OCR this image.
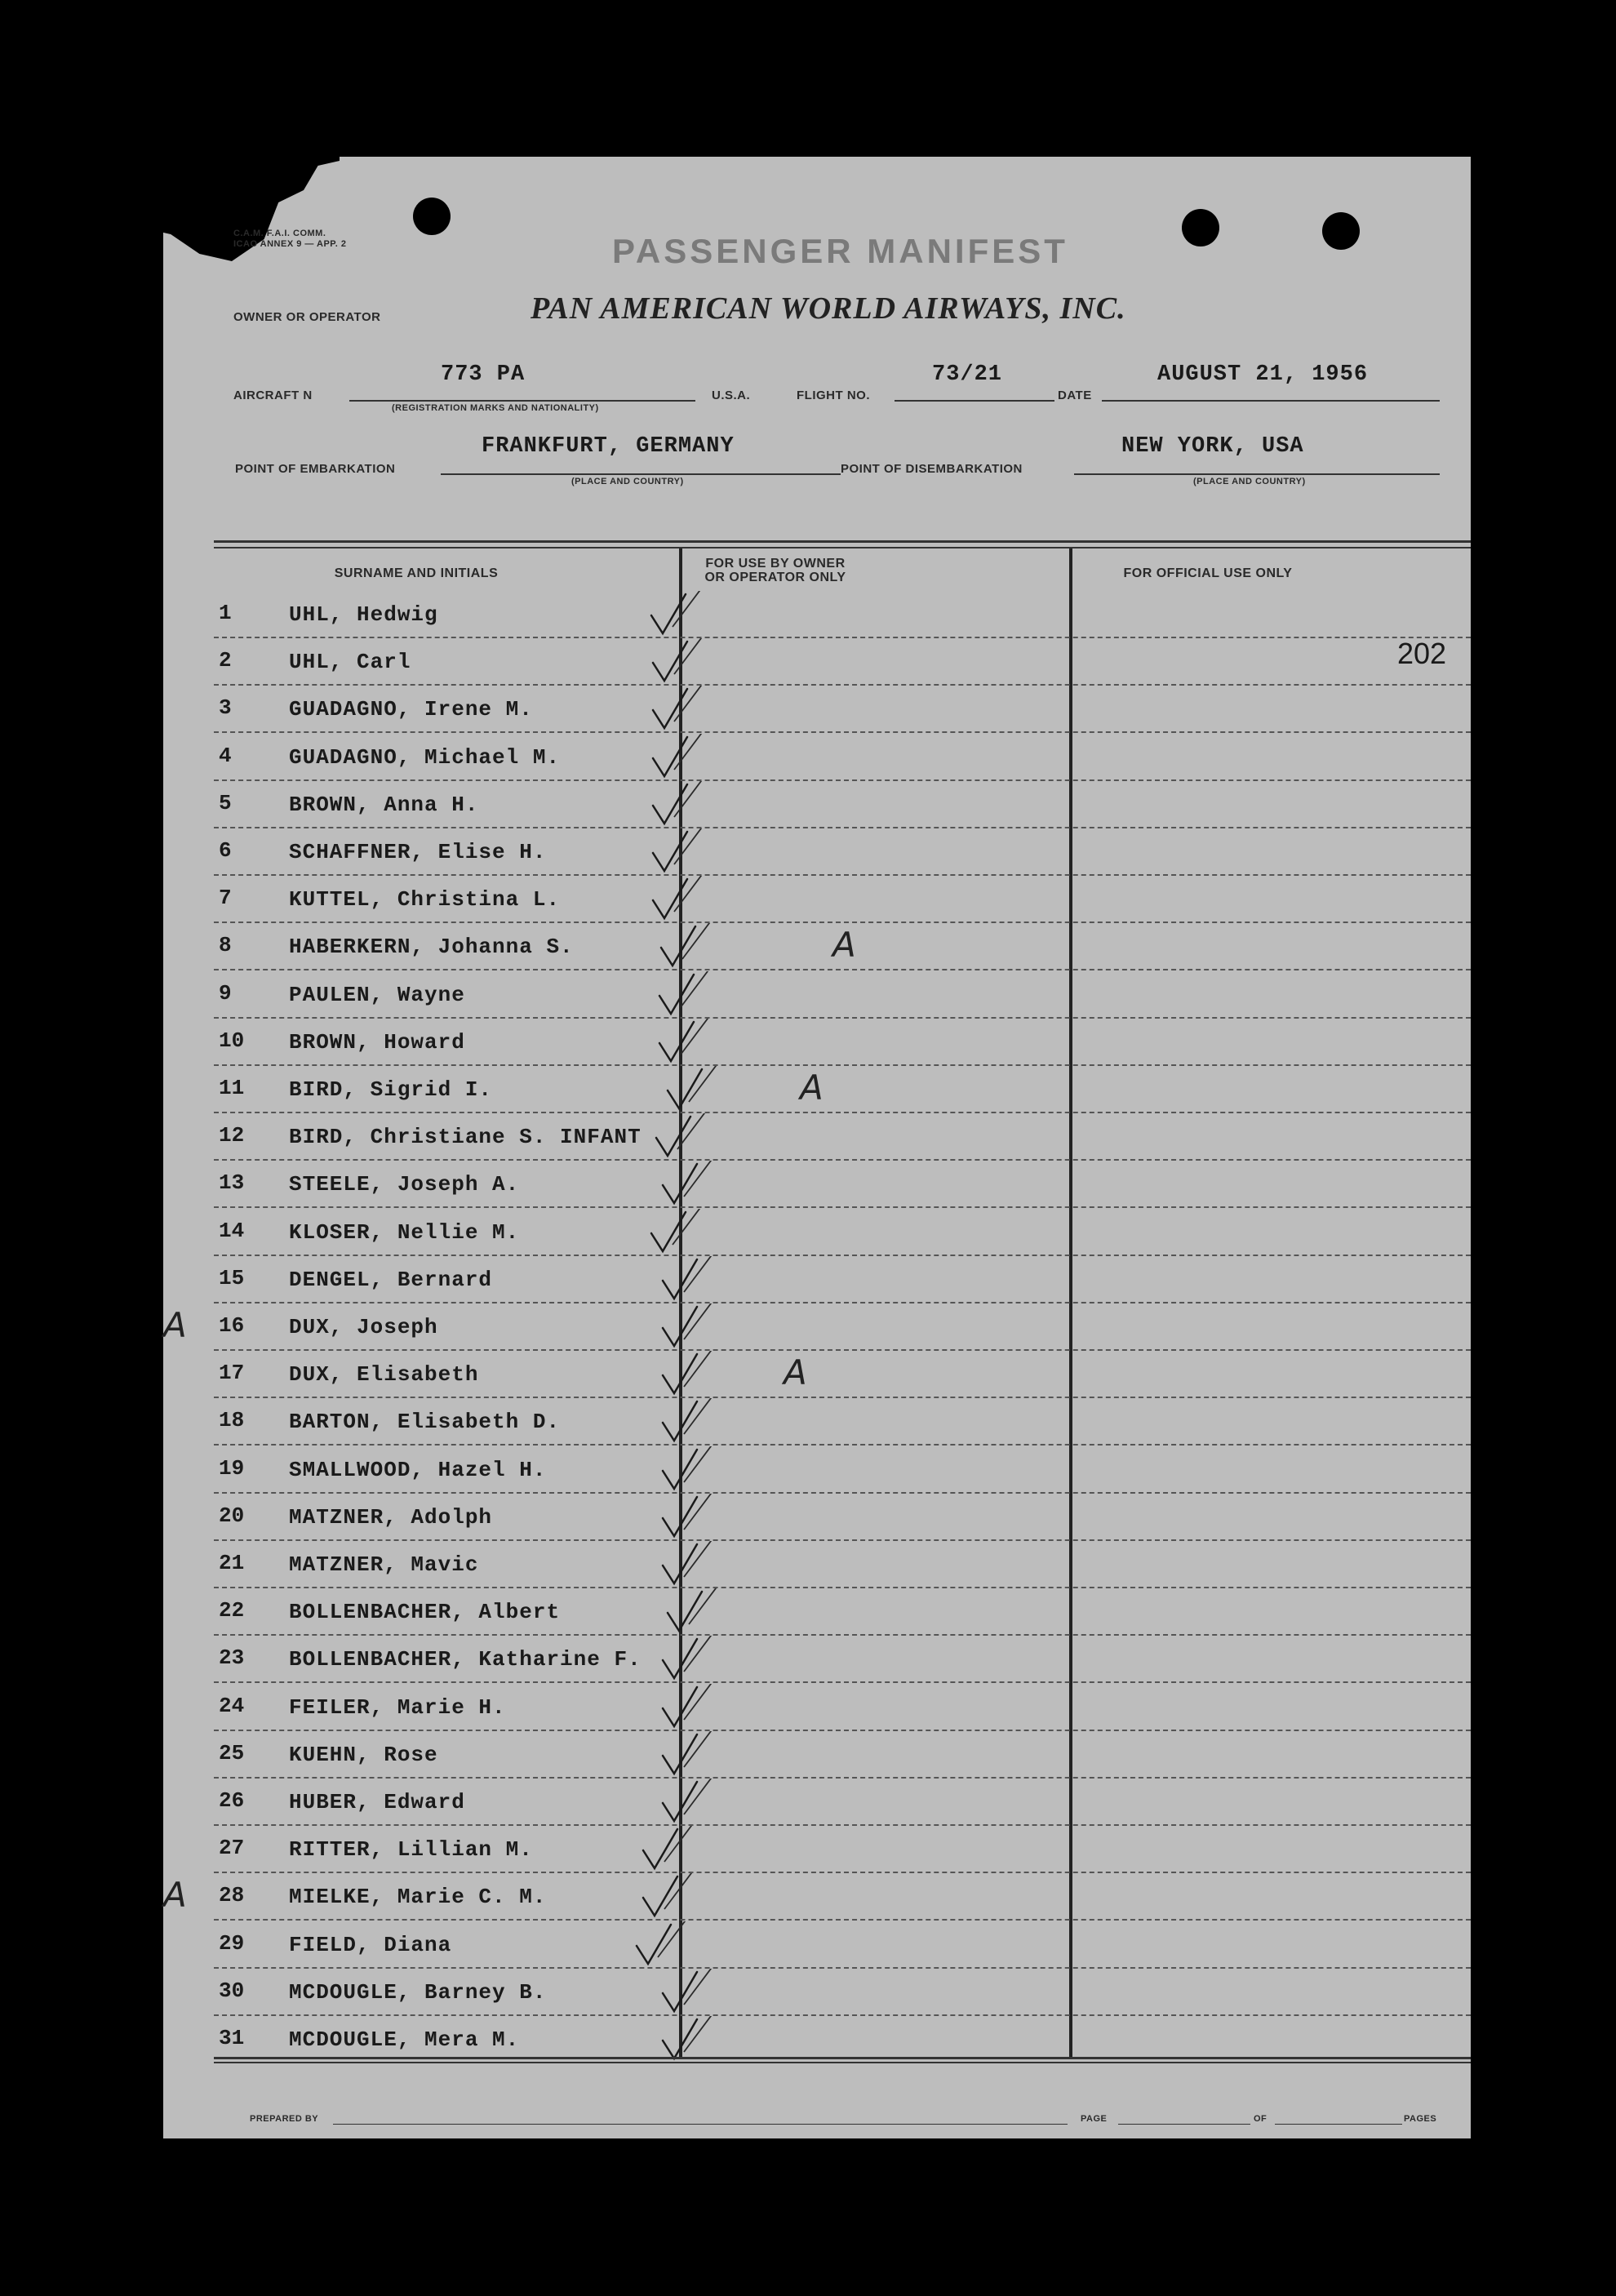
C.A.M. F.A.I. COMM.
ICAO ANNEX 9 — APP. 2	PASSENGER MANIFEST
OWNER OR OPERATOR	PAN AMERICAN WORLD AIRWAYS, INC.
AIRCRAFT N
773 PA
(REGISTRATION MARKS AND NATIONALITY)
U.S.A.	FLIGHT NO.
73/21
DATE
AUGUST 21, 1956
POINT OF EMBARKATION
FRANKFURT, GERMANY
(PLACE AND COUNTRY)
POINT OF DISEMBARKATION
NEW YORK, USA
(PLACE AND COUNTRY)
SURNAME AND INITIALS
FOR USE BY OWNER
OR OPERATOR ONLY	FOR OFFICIAL USE ONLY
202
1	UHL, Hedwig
2	UHL, Carl
3	GUADAGNO, Irene M.
4	GUADAGNO, Michael M.
5	BROWN, Anna H.
6	SCHAFFNER, Elise H.
7	KUTTEL, Christina L.
8	HABERKERN, Johanna S.	A
9	PAULEN, Wayne
10	BROWN, Howard
11	BIRD, Sigrid I.	A
12	BIRD, Christiane S. INFANT
13	STEELE, Joseph A.
14	KLOSER, Nellie M.
15	DENGEL, Bernard
16	DUX, Joseph
A
17	DUX, Elisabeth	A
18	BARTON, Elisabeth D.
19	SMALLWOOD, Hazel H.
20	MATZNER, Adolph
21	MATZNER, Mavic
22	BOLLENBACHER, Albert
23	BOLLENBACHER, Katharine F.
24	FEILER, Marie H.
25	KUEHN, Rose
26	HUBER, Edward
27	RITTER, Lillian M.
28	MIELKE, Marie C. M.
A
29	FIELD, Diana
30	MCDOUGLE, Barney B.
31	MCDOUGLE, Mera M.
PREPARED BY	PAGE	OF	PAGES
